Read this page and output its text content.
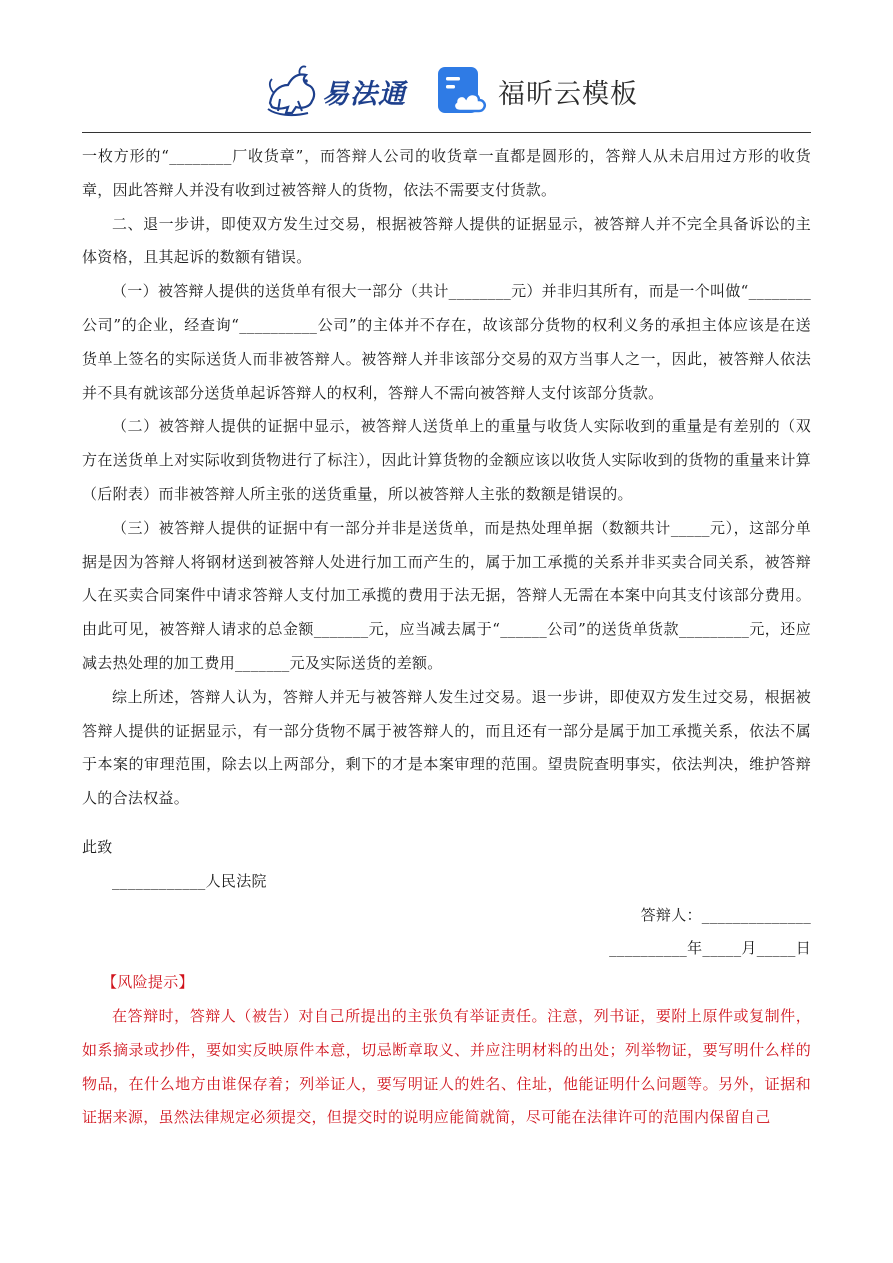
易法通	福昕云模板

一枚方形的“________厂收货章”，而答辩人公司的收货章一直都是圆形的，答辩人从未启用过方形的收货章，因此答辩人并没有收到过被答辩人的货物，依法不需要支付货款。

二、退一步讲，即使双方发生过交易，根据被答辩人提供的证据显示，被答辩人并不完全具备诉讼的主体资格，且其起诉的数额有错误。

（一）被答辩人提供的送货单有很大一部分（共计________元）并非归其所有，而是一个叫做“________公司”的企业，经查询“__________公司”的主体并不存在，故该部分货物的权利义务的承担主体应该是在送货单上签名的实际送货人而非被答辩人。被答辩人并非该部分交易的双方当事人之一，因此，被答辩人依法并不具有就该部分送货单起诉答辩人的权利，答辩人不需向被答辩人支付该部分货款。

（二）被答辩人提供的证据中显示，被答辩人送货单上的重量与收货人实际收到的重量是有差别的（双方在送货单上对实际收到货物进行了标注），因此计算货物的金额应该以收货人实际收到的货物的重量来计算（后附表）而非被答辩人所主张的送货重量，所以被答辩人主张的数额是错误的。

（三）被答辩人提供的证据中有一部分并非是送货单，而是热处理单据（数额共计_____元），这部分单据是因为答辩人将钢材送到被答辩人处进行加工而产生的，属于加工承揽的关系并非买卖合同关系，被答辩人在买卖合同案件中请求答辩人支付加工承揽的费用于法无据，答辩人无需在本案中向其支付该部分费用。由此可见，被答辩人请求的总金额_______元，应当减去属于“______公司”的送货单货款_________元，还应减去热处理的加工费用_______元及实际送货的差额。

综上所述，答辩人认为，答辩人并无与被答辩人发生过交易。退一步讲，即使双方发生过交易，根据被答辩人提供的证据显示，有一部分货物不属于被答辩人的，而且还有一部分是属于加工承揽关系，依法不属于本案的审理范围，除去以上两部分，剩下的才是本案审理的范围。望贵院查明事实，依法判决，维护答辩人的合法权益。

此致

____________人民法院

答辩人：______________

__________年_____月_____日

【风险提示】

在答辩时，答辩人（被告）对自己所提出的主张负有举证责任。注意，列书证，要附上原件或复制件，如系摘录或抄件，要如实反映原件本意，切忌断章取义、并应注明材料的出处；列举物证，要写明什么样的物品，在什么地方由谁保存着；列举证人，要写明证人的姓名、住址，他能证明什么问题等。另外，证据和证据来源，虽然法律规定必须提交，但提交时的说明应能简就简，尽可能在法律许可的范围内保留自己
